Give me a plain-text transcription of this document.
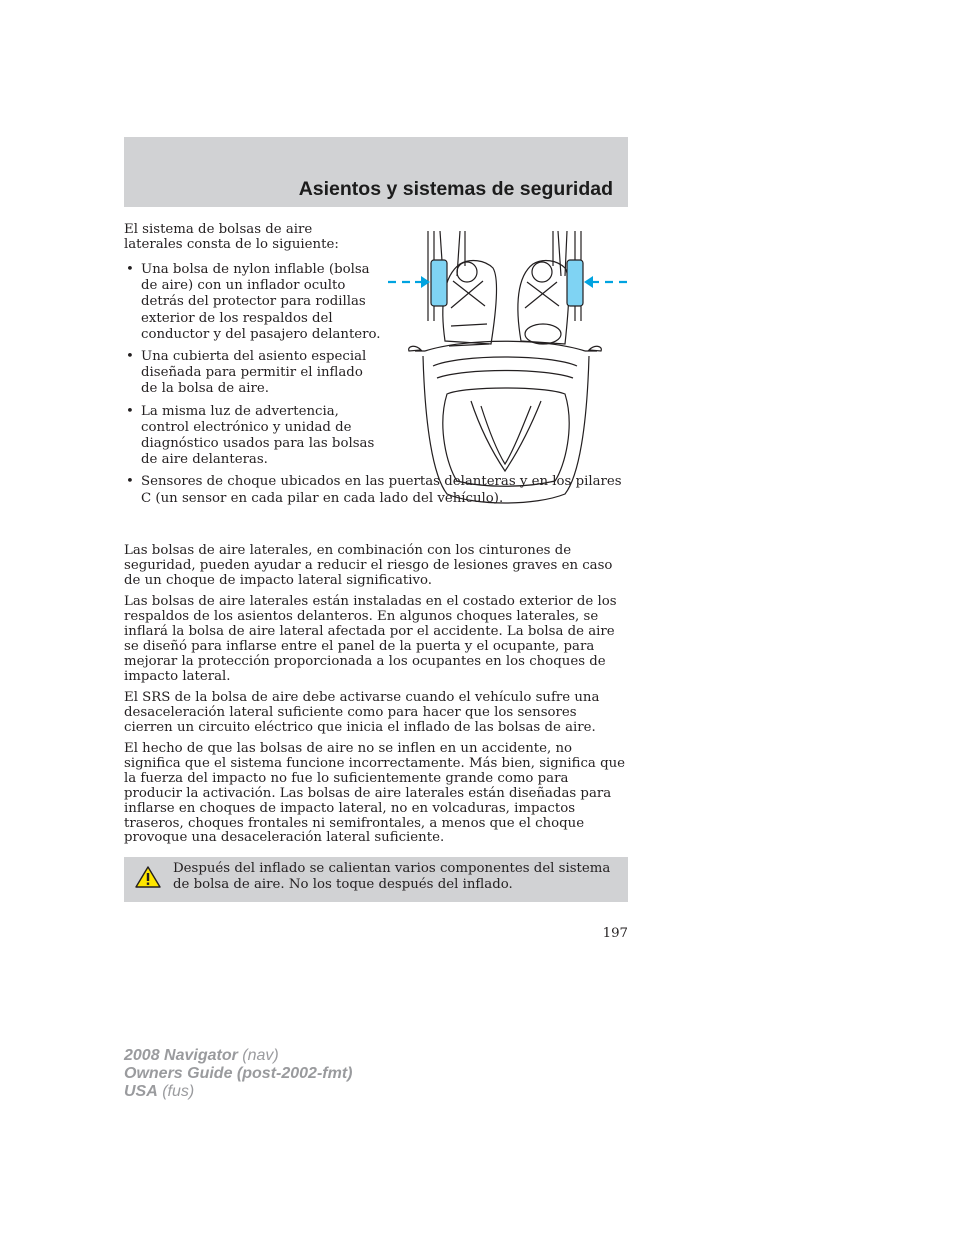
Asientos y sistemas de seguridad
El sistema de bolsas de aire laterales consta de lo siguiente:
• Una bolsa de nylon inflable (bolsa de aire) con un inflador oculto detrás del protector para rodillas exterior de los respaldos del conductor y del pasajero delantero.
• Una cubierta del asiento especial diseñada para permitir el inflado de la bolsa de aire.
• La misma luz de advertencia, control electrónico y unidad de diagnóstico usados para las bolsas de aire delanteras.
• Sensores de choque ubicados en las puertas delanteras y en los pilares C (un sensor en cada pilar en cada lado del vehículo).

Las bolsas de aire laterales, en combinación con los cinturones de seguridad, pueden ayudar a reducir el riesgo de lesiones graves en caso de un choque de impacto lateral significativo.

Las bolsas de aire laterales están instaladas en el costado exterior de los respaldos de los asientos delanteros. En algunos choques laterales, se inflará la bolsa de aire lateral afectada por el accidente. La bolsa de aire se diseñó para inflarse entre el panel de la puerta y el ocupante, para mejorar la protección proporcionada a los ocupantes en los choques de impacto lateral.

El SRS de la bolsa de aire debe activarse cuando el vehículo sufre una desaceleración lateral suficiente como para hacer que los sensores cierren un circuito eléctrico que inicia el inflado de las bolsas de aire.

El hecho de que las bolsas de aire no se inflen en un accidente, no significa que el sistema funcione incorrectamente. Más bien, significa que la fuerza del impacto no fue lo suficientemente grande como para producir la activación. Las bolsas de aire laterales están diseñadas para inflarse en choques de impacto lateral, no en volcaduras, impactos traseros, choques frontales ni semifrontales, a menos que el choque provoque una desaceleración lateral suficiente.

Después del inflado se calientan varios componentes del sistema de bolsa de aire. No los toque después del inflado.

197
2008 Navigator (nav)
Owners Guide (post-2002-fmt)
USA (fus)
